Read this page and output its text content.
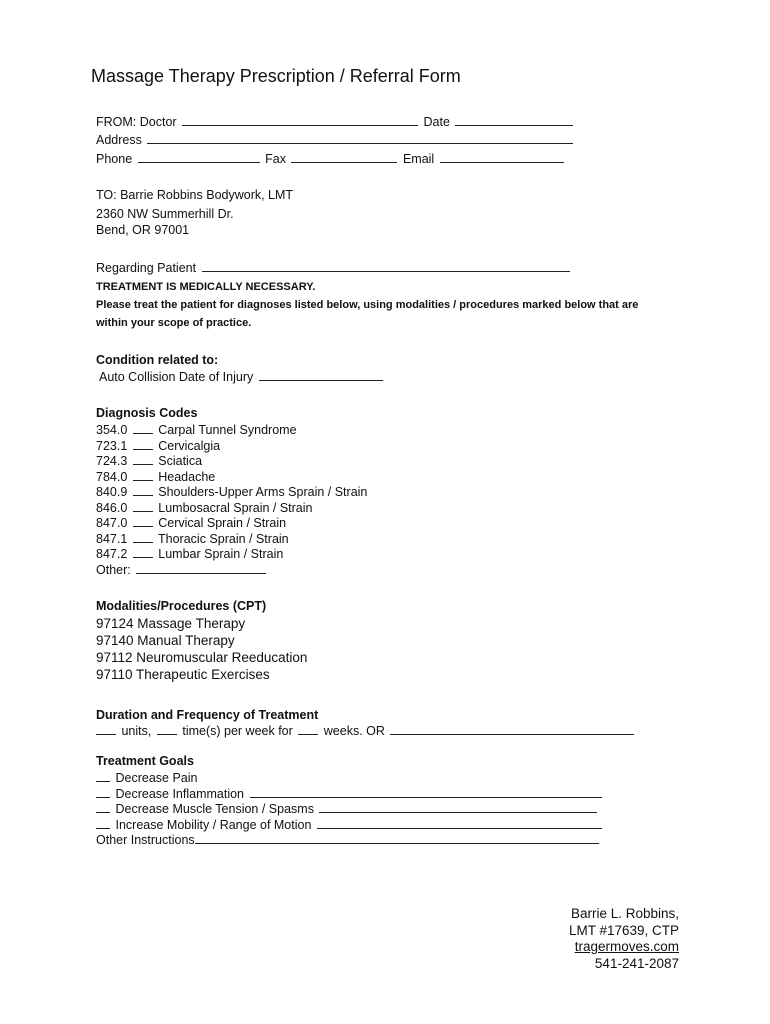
Massage Therapy Prescription / Referral Form
FROM: Doctor	Date
Address
Phone	Fax	Email
TO: Barrie Robbins Bodywork, LMT
2360 NW Summerhill Dr.
Bend, OR 97001
Regarding Patient
TREATMENT IS MEDICALLY NECESSARY.
Please treat the patient for diagnoses listed below, using modalities / procedures marked below that are
within your scope of practice.
Condition related to:
Auto Collision Date of Injury
Diagnosis Codes
354.0 Carpal Tunnel Syndrome
723.1 Cervicalgia
724.3 Sciatica
784.0 Headache
840.9 Shoulders-Upper Arms Sprain / Strain
846.0 Lumbosacral Sprain / Strain
847.0 Cervical Sprain / Strain
847.1 Thoracic Sprain / Strain
847.2 Lumbar Sprain / Strain
Other:
Modalities/Procedures (CPT)
97124 Massage Therapy
97140 Manual Therapy
97112 Neuromuscular Reeducation
97110 Therapeutic Exercises
Duration and Frequency of Treatment
units, time(s) per week for weeks. OR
Treatment Goals
Decrease Pain
Decrease Inflammation
Decrease Muscle Tension / Spasms
Increase Mobility / Range of Motion
Other Instructions
Barrie L. Robbins,
LMT #17639, CTP
tragermoves.com
541-241-2087
